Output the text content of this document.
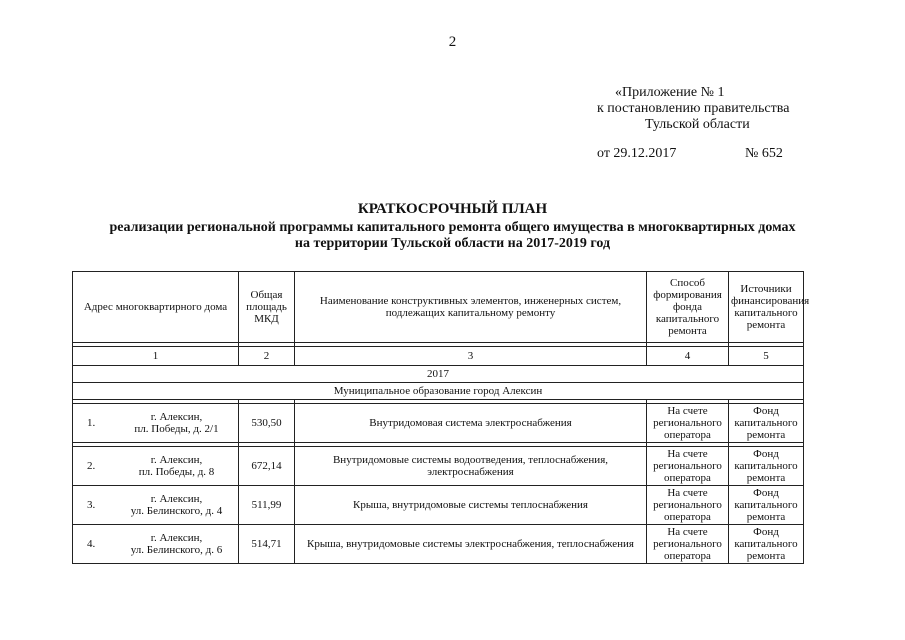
2
«Приложение № 1
к постановлению правительства
Тульской области
от 29.12.2017	№ 652
КРАТКОСРОЧНЫЙ ПЛАН
реализации региональной программы капитального ремонта общего имущества в многоквартирных домах
на территории Тульской области на 2017-2019 год
Адрес многоквартирного дома	Общая площадь МКД	Наименование конструктивных элементов, инженерных систем, подлежащих капитальному ремонту	Способ формирования фонда капитального ремонта	Источники финансирования капитального ремонта

1	2	3	4	5
2017				
Муниципальное образование город Алексин				

1. г. Алексин,
пл. Победы, д. 2/1	530,50	Внутридомовая система электроснабжения	На счете регионального оператора	Фонд капитального ремонта

2. г. Алексин,
пл. Победы, д. 8	672,14	Внутридомовые системы водоотведения, теплоснабжения, электроснабжения	На счете регионального оператора	Фонд капитального ремонта

3. г. Алексин,
ул. Белинского, д. 4	511,99	Крыша, внутридомовые системы теплоснабжения	На счете регионального оператора	Фонд капитального ремонта

4. г. Алексин,
ул. Белинского, д. 6	514,71	Крыша, внутридомовые системы электроснабжения, теплоснабжения	На счете регионального оператора	Фонд капитального ремонта
